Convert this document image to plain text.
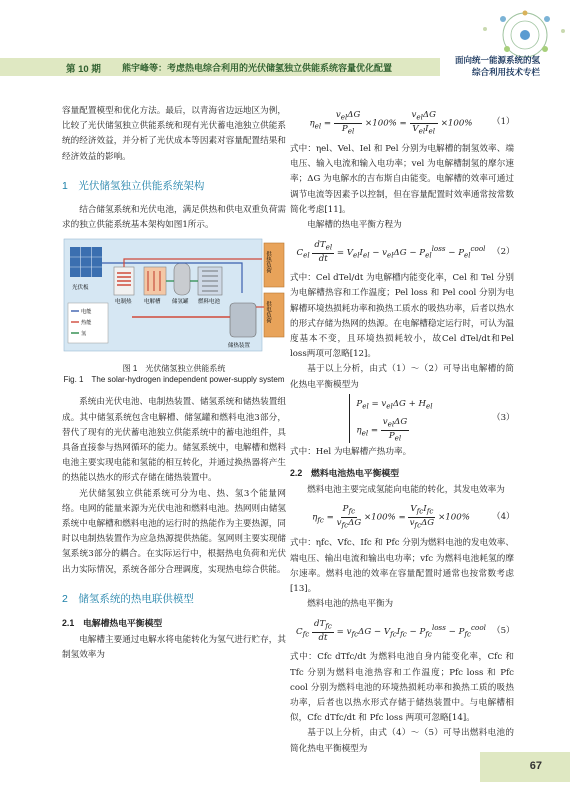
第 10 期 熊宇峰等：考虑热电综合利用的光伏储氢独立供能系统容量优化配置
面向统一能源系统的氢
综合利用技术专栏

容量配置模型和优化方法。最后，以青海省边远地区为例，比较了光伏储氢独立供能系统和现有光伏蓄电池独立供能系统的经济效益，并分析了光伏成本等因素对容量配置结果和经济效益的影响。

1　光伏储氢独立供能系统架构

结合储氢系统和光伏电池，满足供热和供电双重负荷需求的独立供能系统基本架构如图1所示。

光伏板
电制热 电解槽 储氢罐 燃料电池
储热装置
供热负荷
供电负荷
电能
热能
氢
图 1　光伏储氢独立供能系统
Fig. 1　The solar-hydrogen independent power-supply system

系统由光伏电池、电制热装置、储氢系统和储热装置组成。其中储氢系统包含电解槽、储氢罐和燃料电池3部分，替代了现有的光伏蓄电池独立供能系统中的蓄电池组件，具具备直接参与热网循环的能力。储氢系统中，电解槽和燃料电池主要实现电能和氢能的相互转化，并通过换热器将产生的热能以热水的形式存储在储热装置中。

光伏储氢独立供能系统可分为电、热、氢3个能量网络。电网的能量来源为光伏电池和燃料电池。热网则由储氢系统中电解槽和燃料电池的运行时的热能作为主要热源，同时以电制热装置作为应急热源提供热能。氢网则主要实现储氢系统3部分的耦合。在实际运行中，根据热电负荷和光伏出力实际情况，系统各部分合理调度，实现热电综合供能。

2　储氢系统的热电联供模型
2.1　电解槽热电平衡模型

电解槽主要通过电解水将电能转化为氢气进行贮存，其制氢效率为

$\eta_{el} = \frac{v_{el}\Delta G}{P_{el}} \times 100\% = \frac{v_{el}\Delta G}{V_{el}I_{el}} \times 100\%$	（1）

式中：ηel、Vel、Iel 和 Pel 分别为电解槽的制氢效率、端电压、输入电流和输入电功率；vel 为电解槽制氢的摩尔速率；ΔG 为电解水的吉布斯自由能变。电解槽的效率可通过调节电流等因素予以控制，但在容量配置时效率通常按常数简化考虑[11]。

电解槽的热电平衡方程为

$C_{el} \frac{dT_{el}}{dt} = V_{el}I_{el} - v_{el}\Delta G - P_{el}^{loss} - P_{el}^{cool}$ （2）

式中：Cel dTel/dt 为电解槽内能变化率，Cel 和 Tel 分别为电解槽热容和工作温度；Pel loss 和 Pel cool 分别为电解槽环境热损耗功率和换热工质水的吸热功率，后者以热水的形式存储为热网的热源。在电解槽稳定运行时，可认为温度基本不变，且环境热损耗较小，故Cel dTel/dt和Pel loss两项可忽略[12]。

基于以上分析，由式（1）～（2）可导出电解槽的简化热电平衡模型为

$P_{el} = v_{el}\Delta G + H_{el}$
$\eta_{el} = \frac{v_{el}\Delta G}{P_{el}}$	（3）

式中：Hel 为电解槽产热功率。

2.2　燃料电池热电平衡模型

燃料电池主要完成氢能向电能的转化，其发电效率为

$\eta_{fc} = \frac{P_{fc}}{v_{fc}\Delta G} \times 100\% = \frac{V_{fc}I_{fc}}{v_{fc}\Delta G} \times 100\%$	（4）

式中：ηfc、Vfc、Ifc 和 Pfc 分别为燃料电池的发电效率、端电压、输出电流和输出电功率；vfc 为燃料电池耗氢的摩尔速率。燃料电池的效率在容量配置时通常也按常数考虑[13]。

燃料电池的热电平衡为

$C_{fc} \frac{dT_{fc}}{dt} = v_{fc}\Delta G - V_{fc}I_{fc} - P_{fc}^{loss} - P_{fc}^{cool}$ （5）

式中：Cfc dTfc/dt 为燃料电池自身内能变化率，Cfc 和 Tfc 分别为燃料电池热容和工作温度；Pfc loss 和 Pfc cool 分别为燃料电池的环境热损耗功率和换热工质的吸热功率，后者也以热水形式存储于储热装置中。与电解槽相似，Cfc dTfc/dt 和 Pfc loss 两项可忽略[14]。

基于以上分析，由式（4）～（5）可导出燃料电池的简化热电平衡模型为

67
